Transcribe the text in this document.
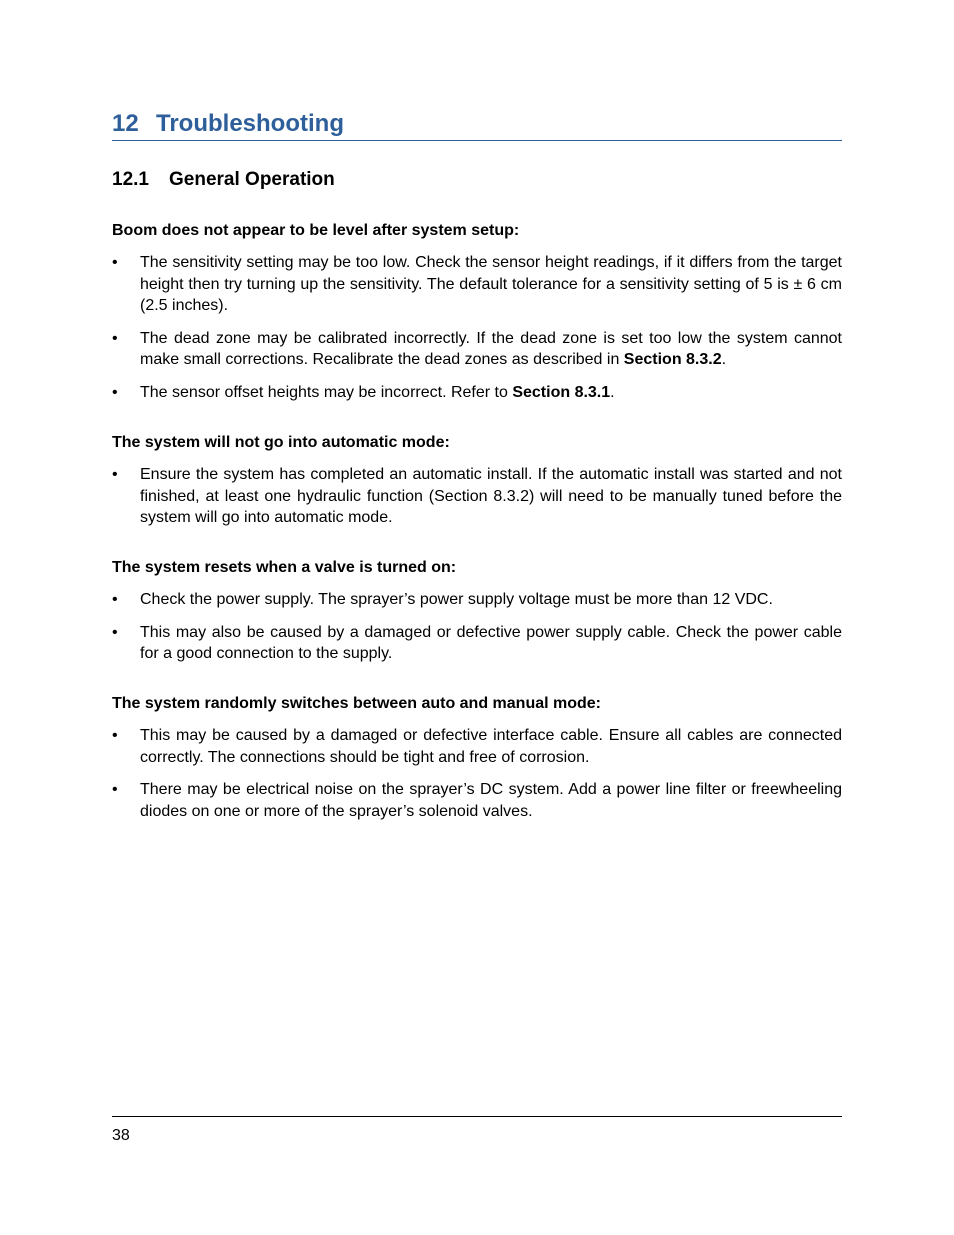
12 Troubleshooting
12.1 General Operation
Boom does not appear to be level after system setup:
•	The sensitivity setting may be too low. Check the sensor height readings, if it differs from the target height then try turning up the sensitivity. The default tolerance for a sensitivity setting of 5 is ± 6 cm (2.5 inches).
•	The dead zone may be calibrated incorrectly. If the dead zone is set too low the system cannot make small corrections. Recalibrate the dead zones as described in Section 8.3.2.
•	The sensor offset heights may be incorrect. Refer to Section 8.3.1.
The system will not go into automatic mode:
•	Ensure the system has completed an automatic install. If the automatic install was started and not finished, at least one hydraulic function (Section 8.3.2) will need to be manually tuned before the system will go into automatic mode.
The system resets when a valve is turned on:
•	Check the power supply. The sprayer’s power supply voltage must be more than 12 VDC.
•	This may also be caused by a damaged or defective power supply cable. Check the power cable for a good connection to the supply.
The system randomly switches between auto and manual mode:
•	This may be caused by a damaged or defective interface cable. Ensure all cables are connected correctly. The connections should be tight and free of corrosion.
•	There may be electrical noise on the sprayer’s DC system. Add a power line filter or freewheeling diodes on one or more of the sprayer’s solenoid valves.
38
